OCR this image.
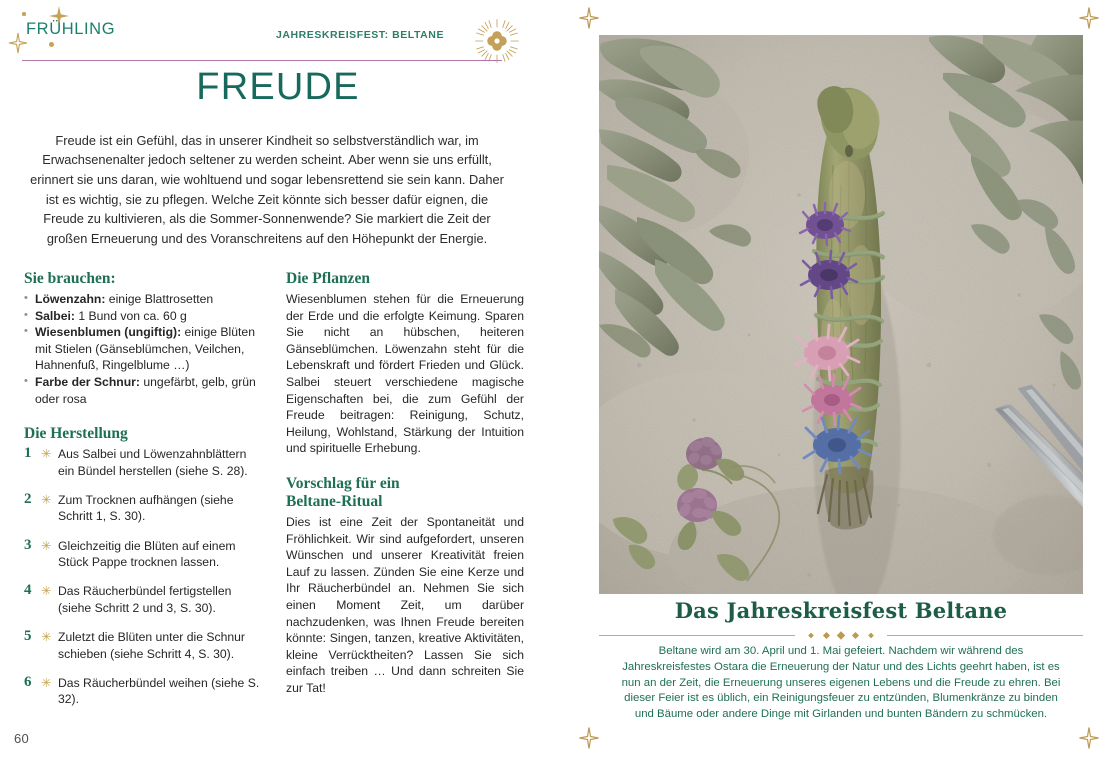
FRÜHLING	JAHRESKREISFEST: BELTANE
FREUDE

Freude ist ein Gefühl, das in unserer Kindheit so selbstverständlich war, im Erwachsenenalter jedoch seltener zu werden scheint. Aber wenn sie uns erfüllt, erinnert sie uns daran, wie wohltuend und sogar lebensrettend sie sein kann. Daher ist es wichtig, sie zu pflegen. Welche Zeit könnte sich besser dafür eignen, die Freude zu kultivieren, als die Sommer-Sonnenwende? Sie markiert die Zeit der großen Erneuerung und des Voranschreitens auf den Höhepunkt der Energie.

Sie brauchen:
• Löwenzahn: einige Blattrosetten
• Salbei: 1 Bund von ca. 60 g
• Wiesenblumen (ungiftig): einige Blüten mit Stielen (Gänseblümchen, Veilchen, Hahnenfuß, Ringelblume …)
• Farbe der Schnur: ungefärbt, gelb, grün oder rosa
Die Herstellung
1 ✳ Aus Salbei und Löwenzahnblättern ein Bündel herstellen (siehe S. 28).
2 ✳ Zum Trocknen aufhängen (siehe Schritt 1, S. 30).
3 ✳ Gleichzeitig die Blüten auf einem Stück Pappe trocknen lassen.
4 ✳ Das Räucherbündel fertigstellen (siehe Schritt 2 und 3, S. 30).
5 ✳ Zuletzt die Blüten unter die Schnur schieben (siehe Schritt 4, S. 30).
6 ✳ Das Räucherbündel weihen (siehe S. 32).
Die Pflanzen

Wiesenblumen stehen für die Erneuerung der Erde und die erfolgte Keimung. Sparen Sie nicht an hübschen, heiteren Gänseblümchen. Löwenzahn steht für die Lebenskraft und fördert Frieden und Glück. Salbei steuert verschiedene magische Eigenschaften bei, die zum Gefühl der Freude beitragen: Reinigung, Schutz, Heilung, Wohlstand, Stärkung der Intuition und spirituelle Erhebung.

Vorschlag für ein
Beltane-Ritual

Dies ist eine Zeit der Spontaneität und Fröhlichkeit. Wir sind aufgefordert, unseren Wünschen und unserer Kreativität freien Lauf zu lassen. Zünden Sie eine Kerze und Ihr Räucherbündel an. Nehmen Sie sich einen Moment Zeit, um darüber nachzudenken, was Ihnen Freude bereiten könnte: Singen, tanzen, kreative Aktivitäten, kleine Verrücktheiten? Lassen Sie sich einfach treiben … Und dann schreiten Sie zur Tat!

60
Das Jahreskreisfest Beltane

Beltane wird am 30. April und 1. Mai gefeiert. Nachdem wir während des Jahreskreisfestes Ostara die Erneuerung der Natur und des Lichts geehrt haben, ist es nun an der Zeit, die Erneuerung unseres eigenen Lebens und die Freude zu ehren. Bei dieser Feier ist es üblich, ein Reinigungsfeuer zu entzünden, Blumenkränze zu binden und Bäume oder andere Dinge mit Girlanden und bunten Bändern zu schmücken.
